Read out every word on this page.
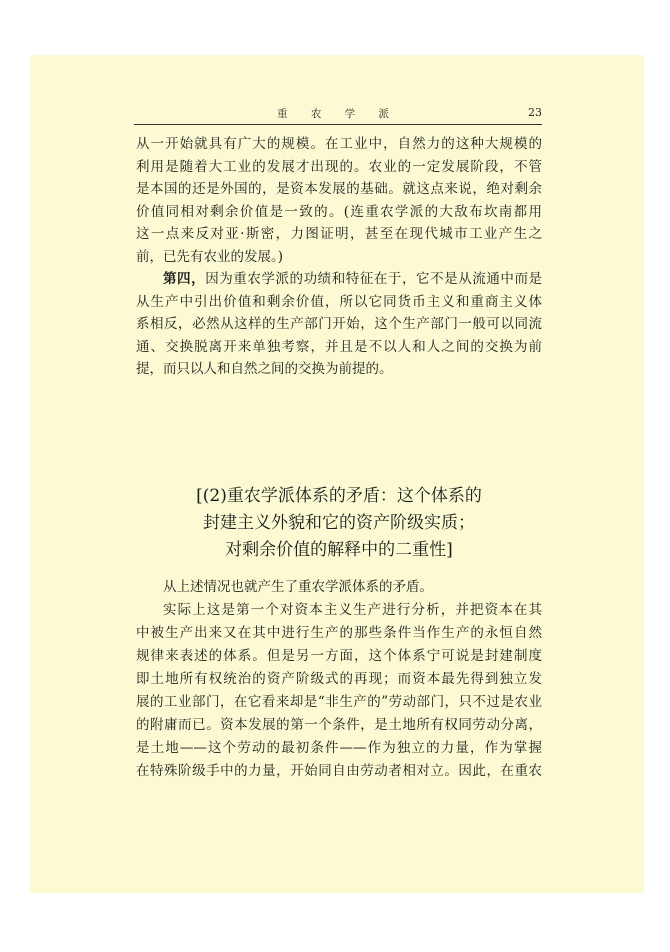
重 农 学 派	23
从一开始就具有广大的规模。在工业中，自然力的这种大规模的
利用是随着大工业的发展才出现的。农业的一定发展阶段，不管
是本国的还是外国的，是资本发展的基础。就这点来说，绝对剩余
价值同相对剩余价值是一致的。(连重农学派的大敌布坎南都用
这一点来反对亚·斯密，力图证明，甚至在现代城市工业产生之
前，已先有农业的发展。)
第四，因为重农学派的功绩和特征在于，它不是从流通中而是
从生产中引出价值和剩余价值，所以它同货币主义和重商主义体
系相反，必然从这样的生产部门开始，这个生产部门一般可以同流
通、交换脱离开来单独考察，并且是不以人和人之间的交换为前
提，而只以人和自然之间的交换为前提的。
[(2)重农学派体系的矛盾：这个体系的
封建主义外貌和它的资产阶级实质；
对剩余价值的解释中的二重性]
从上述情况也就产生了重农学派体系的矛盾。
实际上这是第一个对资本主义生产进行分析，并把资本在其
中被生产出来又在其中进行生产的那些条件当作生产的永恒自然
规律来表述的体系。但是另一方面，这个体系宁可说是封建制度
即土地所有权统治的资产阶级式的再现；而资本最先得到独立发
展的工业部门，在它看来却是“非生产的”劳动部门，只不过是农业
的附庸而已。资本发展的第一个条件，是土地所有权同劳动分离，
是土地——这个劳动的最初条件——作为独立的力量，作为掌握
在特殊阶级手中的力量，开始同自由劳动者相对立。因此，在重农
